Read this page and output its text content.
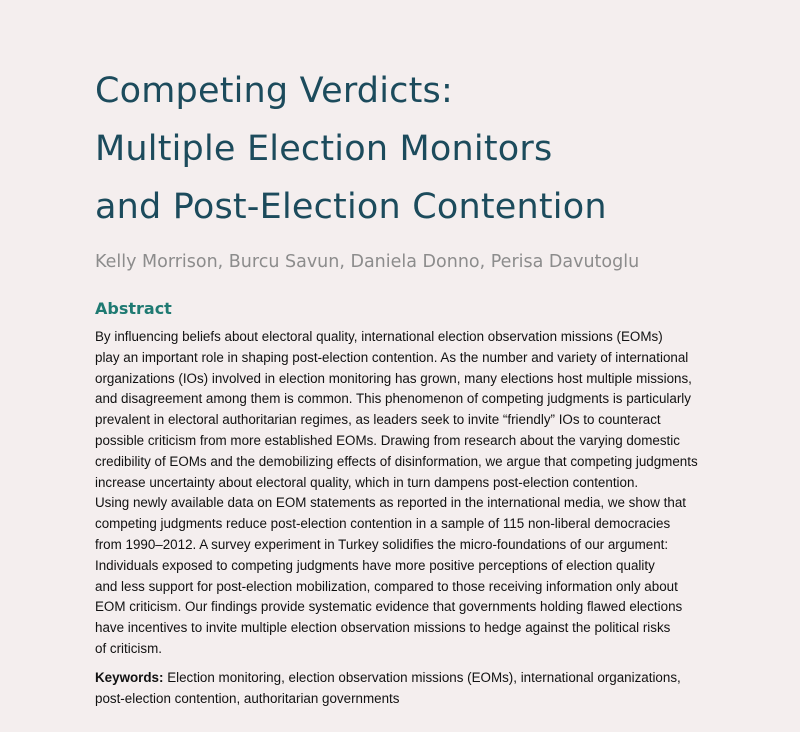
Competing Verdicts:
Multiple Election Monitors
and Post-Election Contention
Kelly Morrison, Burcu Savun, Daniela Donno, Perisa Davutoglu
Abstract
By influencing beliefs about electoral quality, international election observation missions (EOMs)
play an important role in shaping post-election contention. As the number and variety of international
organizations (IOs) involved in election monitoring has grown, many elections host multiple missions,
and disagreement among them is common. This phenomenon of competing judgments is particularly
prevalent in electoral authoritarian regimes, as leaders seek to invite “friendly” IOs to counteract
possible criticism from more established EOMs. Drawing from research about the varying domestic
credibility of EOMs and the demobilizing effects of disinformation, we argue that competing judgments
increase uncertainty about electoral quality, which in turn dampens post-election contention.
Using newly available data on EOM statements as reported in the international media, we show that
competing judgments reduce post-election contention in a sample of 115 non-liberal democracies
from 1990–2012. A survey experiment in Turkey solidifies the micro-foundations of our argument:
Individuals exposed to competing judgments have more positive perceptions of election quality
and less support for post-election mobilization, compared to those receiving information only about
EOM criticism. Our findings provide systematic evidence that governments holding flawed elections
have incentives to invite multiple election observation missions to hedge against the political risks
of criticism.
Keywords: Election monitoring, election observation missions (EOMs), international organizations,
post-election contention, authoritarian governments
